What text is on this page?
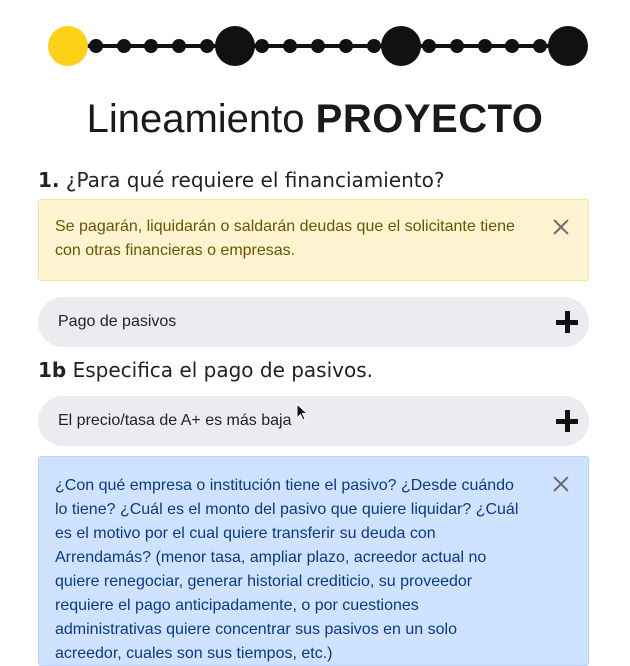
Lineamiento PROYECTO
1. ¿Para qué requiere el financiamiento?
Se pagarán, liquidarán o saldarán deudas que el solicitante tiene con otras financieras o empresas.
Pago de pasivos
1b Especifica el pago de pasivos.
El precio/tasa de A+ es más baja
¿Con qué empresa o institución tiene el pasivo? ¿Desde cuándo lo tiene? ¿Cuál es el monto del pasivo que quiere liquidar? ¿Cuál es el motivo por el cual quiere transferir su deuda con Arrendamás? (menor tasa, ampliar plazo, acreedor actual no quiere renegociar, generar historial crediticio, su proveedor requiere el pago anticipadamente, o por cuestiones administrativas quiere concentrar sus pasivos en un solo acreedor, cuales son sus tiempos, etc.)
